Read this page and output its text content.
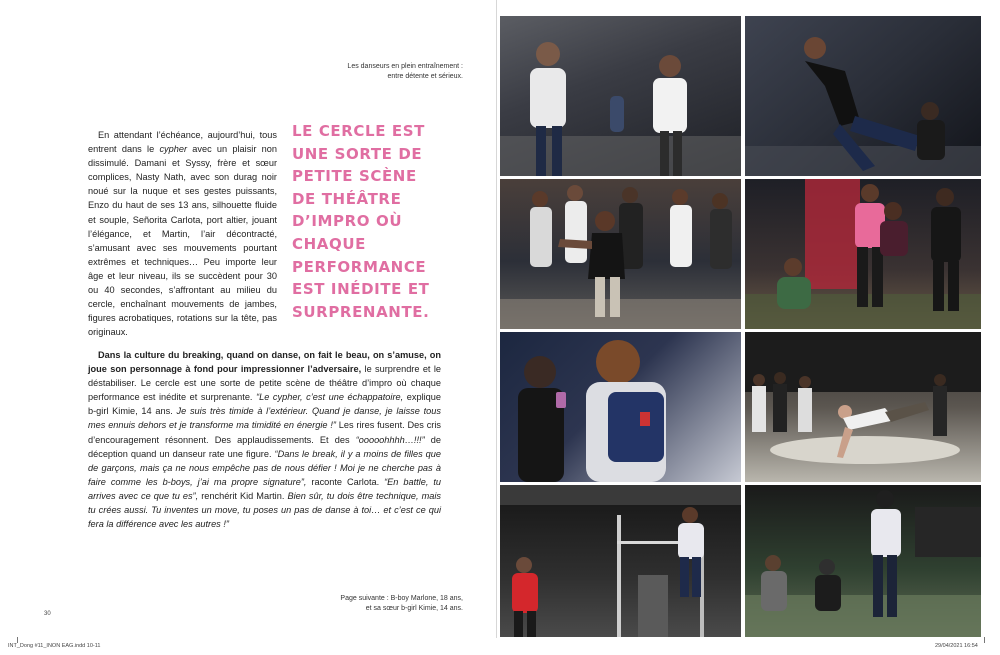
Les danseurs en plein entraînement :
entre détente et sérieux.

En attendant l’échéance, aujourd’hui, tous entrent dans le cypher avec un plaisir non dissimulé. Damani et Syssy, frère et sœur complices, Nasty Nath, avec son durag noir noué sur la nuque et ses gestes puissants, Enzo du haut de ses 13 ans, silhouette fluide et souple, Señorita Carlota, port altier, jouant l’élégance, et Martin, l’air décontracté, s’amusant avec ses mouvements pourtant extrêmes et techniques… Peu importe leur âge et leur niveau, ils se succèdent pour 30 ou 40 secondes, s’affrontant au milieu du cercle, enchaînant mouvements de jambes, figures acrobatiques, rotations sur la tête, pas originaux.

LE CERCLE EST UNE SORTE DE PETITE SCÈNE DE THÉÂTRE D’IMPRO OÙ CHAQUE PERFORMANCE EST INÉDITE ET SURPRENANTE.

Dans la culture du breaking, quand on danse, on fait le beau, on s’amuse, on joue son personnage à fond pour impressionner l’adversaire, le surprendre et le déstabiliser. Le cercle est une sorte de petite scène de théâtre d’impro où chaque performance est inédite et surprenante. “Le cypher, c’est une échappatoire, explique b-girl Kimie, 14 ans. Je suis très timide à l’extérieur. Quand je danse, je laisse tous mes ennuis dehors et je transforme ma timidité en énergie !” Les rires fusent. Des cris d’encouragement résonnent. Des applaudissements. Et des “ooooohhhh…!!!” de déception quand un danseur rate une figure. “Dans le break, il y a moins de filles que de garçons, mais ça ne nous empêche pas de nous défier ! Moi je ne cherche pas à faire comme les b-boys, j’ai ma propre signature”, raconte Carlota. “En battle, tu arrives avec ce que tu es”, renchérit Kid Martin. Bien sûr, tu dois être technique, mais tu crées aussi. Tu inventes un move, tu poses un pas de danse à toi… et c’est ce qui fera la différence avec les autres !”

Page suivante : B-boy Marlone, 18 ans,
et sa sœur b-girl Kimie, 14 ans.
30
INT_Dong #11_INON EAG.indd 10-11	29/04/2021 16:54
